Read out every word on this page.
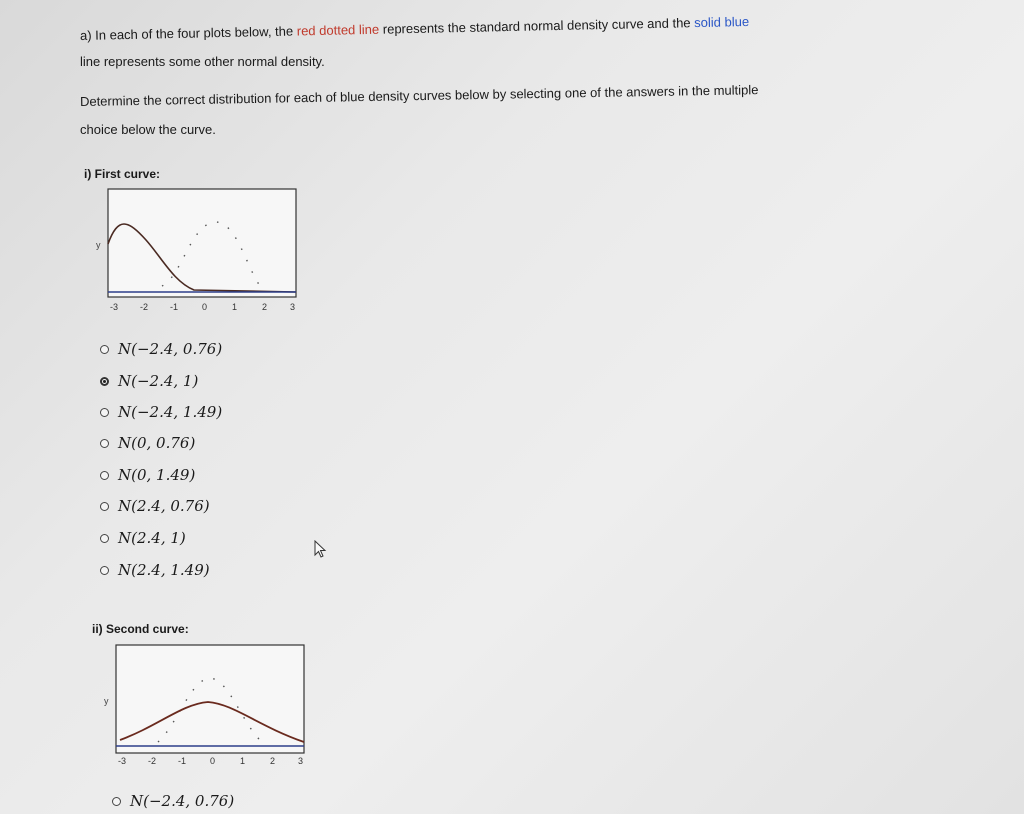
a) In each of the four plots below, the red dotted line represents the standard normal density curve and the solid blue
line represents some other normal density.
Determine the correct distribution for each of blue density curves below by selecting one of the answers in the multiple
choice below the curve.
i) First curve:
y
-3 -2 -1	0	1	2	3
N(−2.4, 0.76)
N(−2.4, 1)
N(−2.4, 1.49)
N(0, 0.76)
N(0, 1.49)
N(2.4, 0.76)
N(2.4, 1)
N(2.4, 1.49)
ii) Second curve:
y
-3 -2 -1	0	1	2	3
N(−2.4, 0.76)
